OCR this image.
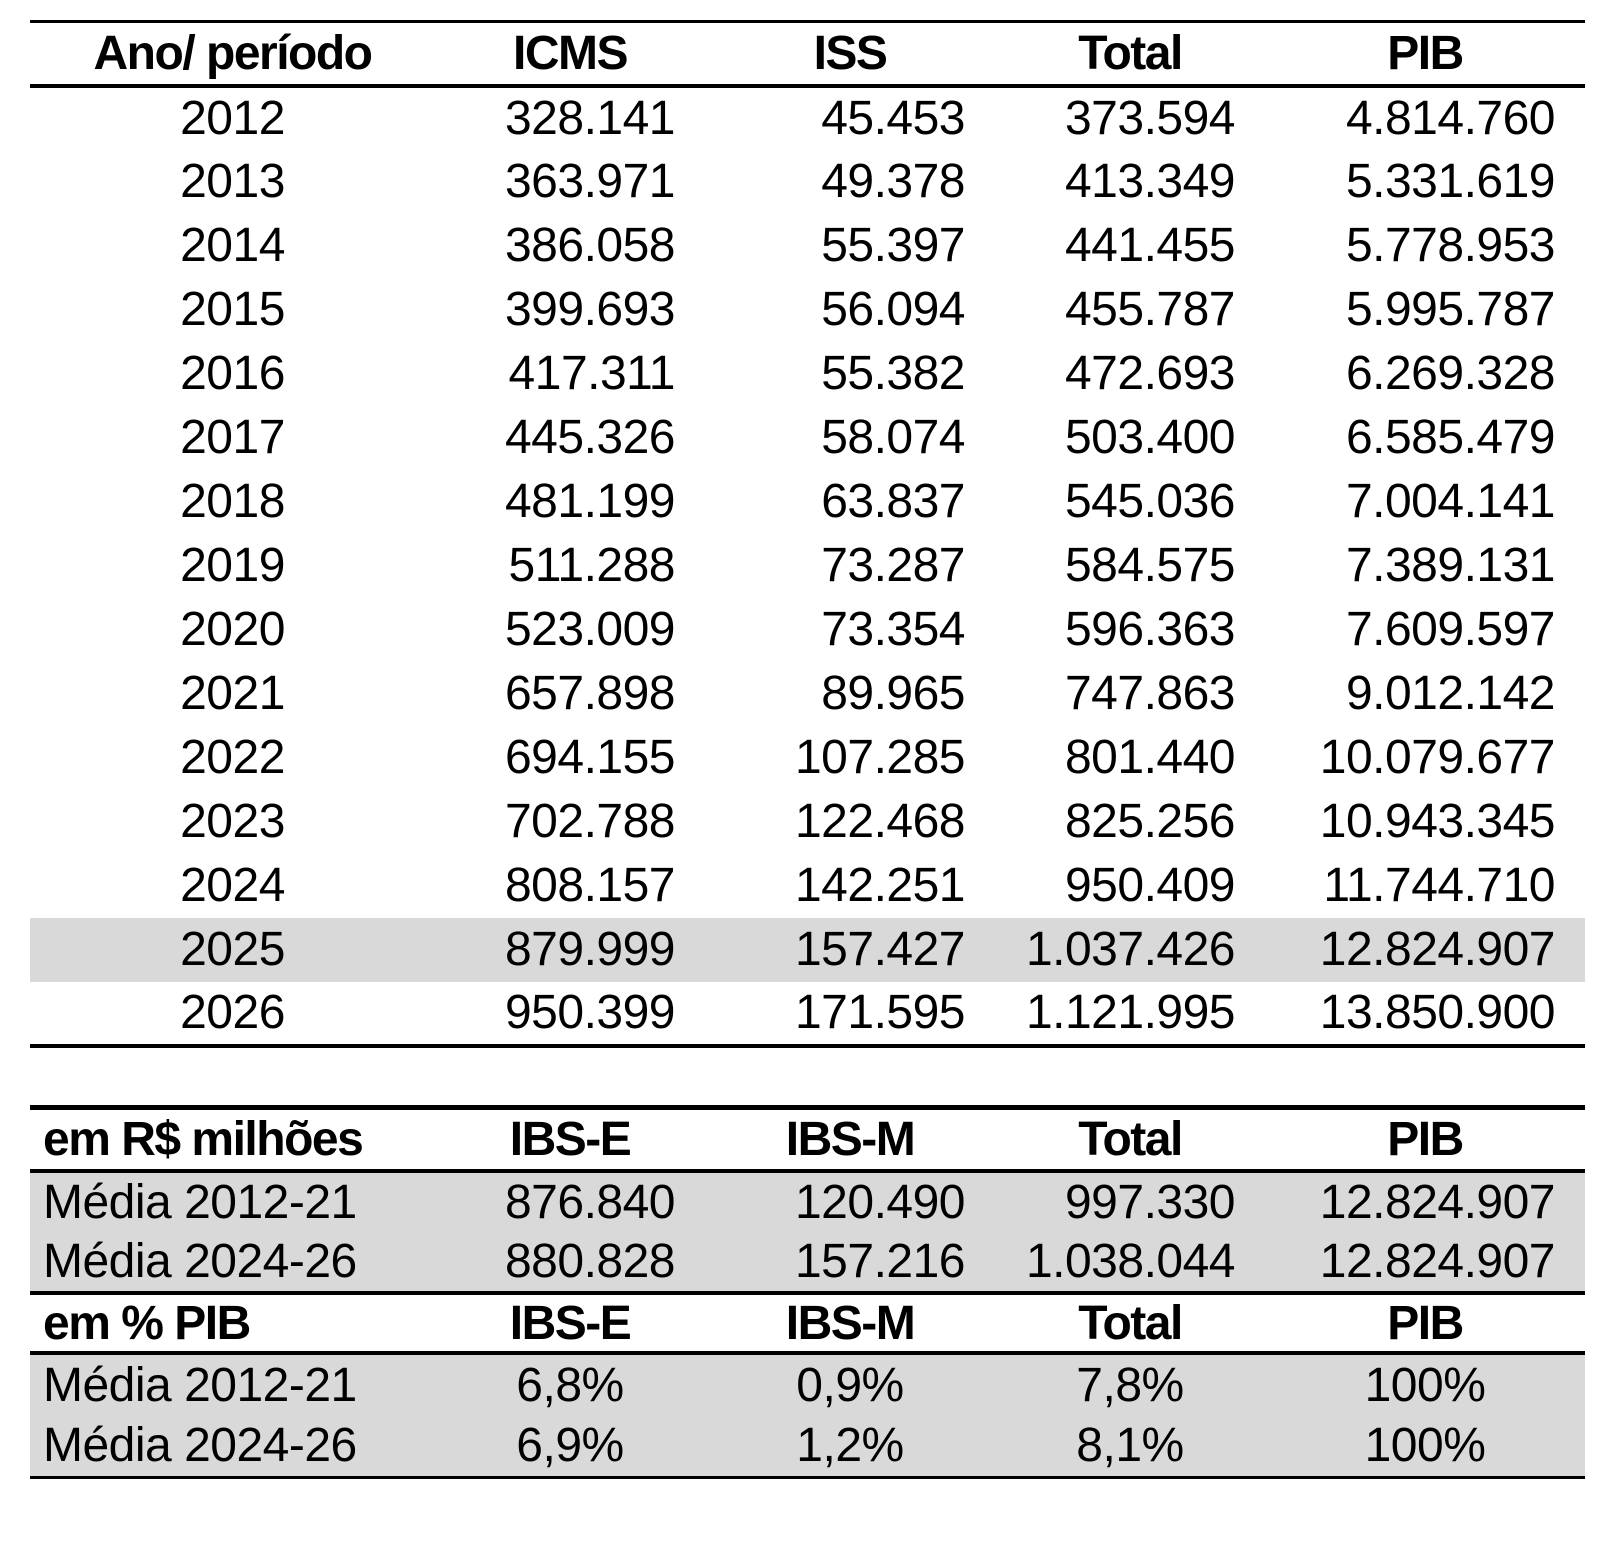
Ano/ período	ICMS	ISS	Total	PIB
2012	328.141	45.453	373.594	4.814.760
2013	363.971	49.378	413.349	5.331.619
2014	386.058	55.397	441.455	5.778.953
2015	399.693	56.094	455.787	5.995.787
2016	417.311	55.382	472.693	6.269.328
2017	445.326	58.074	503.400	6.585.479
2018	481.199	63.837	545.036	7.004.141
2019	511.288	73.287	584.575	7.389.131
2020	523.009	73.354	596.363	7.609.597
2021	657.898	89.965	747.863	9.012.142
2022	694.155	107.285	801.440	10.079.677
2023	702.788	122.468	825.256	10.943.345
2024	808.157	142.251	950.409	11.744.710
2025	879.999	157.427	1.037.426	12.824.907
2026	950.399	171.595	1.121.995	13.850.900
em R$ milhões	IBS-E	IBS-M	Total	PIB
Média 2012-21	876.840	120.490	997.330	12.824.907
Média 2024-26	880.828	157.216	1.038.044	12.824.907
em % PIB	IBS-E	IBS-M	Total	PIB
Média 2012-21	6,8%	0,9%	7,8%	100%
Média 2024-26	6,9%	1,2%	8,1%	100%
